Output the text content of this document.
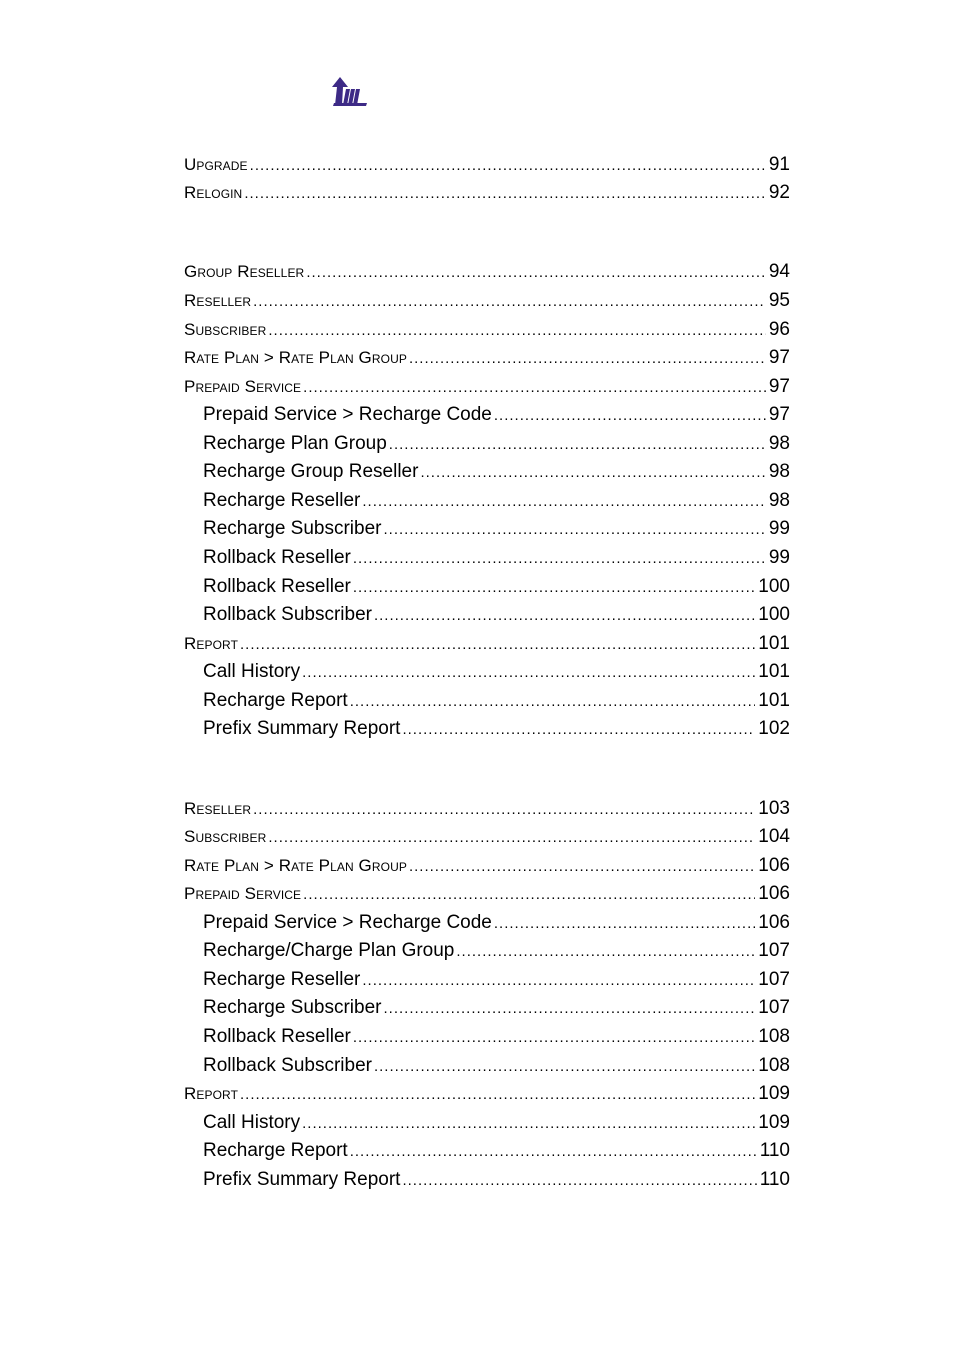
Upgrade .....	91
Relogin .....	92
Group Reseller .....	94
Reseller .....	95
Subscriber .....	96
Rate Plan > Rate Plan Group .....	97
Prepaid Service .....	97
Prepaid Service > Recharge Code .....	97
Recharge Plan Group .....	98
Recharge Group Reseller .....	98
Recharge Reseller .....	98
Recharge Subscriber .....	99
Rollback Reseller .....	99
Rollback Reseller .....	100
Rollback Subscriber .....	100
Report .....	101
Call History .....	101
Recharge Report .....	101
Prefix Summary Report .....	102
Reseller .....	103
Subscriber .....	104
Rate Plan > Rate Plan Group .....	106
Prepaid Service .....	106
Prepaid Service > Recharge Code .....	106
Recharge/Charge Plan Group .....	107
Recharge Reseller .....	107
Recharge Subscriber .....	107
Rollback Reseller .....	108
Rollback Subscriber .....	108
Report .....	109
Call History .....	109
Recharge Report .....	110
Prefix Summary Report .....	110
